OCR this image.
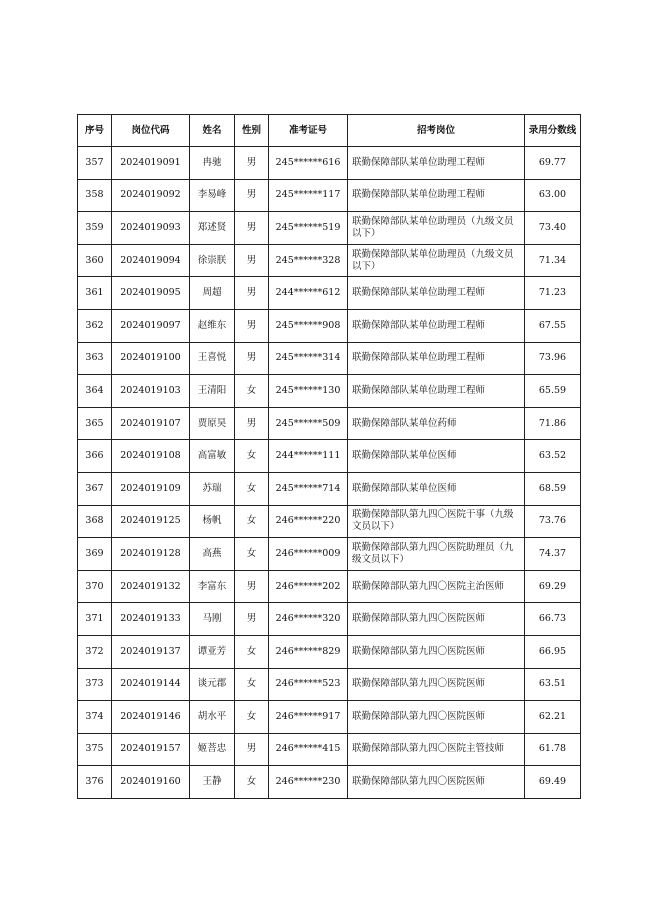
序号	岗位代码	姓名	性别	准考证号	招考岗位	录用分数线
357	2024019091	冉驰	男	245******616	联勤保障部队某单位助理工程师	69.77
358	2024019092	李易峰	男	245******117	联勤保障部队某单位助理工程师	63.00
359	2024019093	郑述贤	男	245******519	联勤保障部队某单位助理员（九级文员以下）	73.40
360	2024019094	徐崇朕	男	245******328	联勤保障部队某单位助理员（九级文员以下）	71.34
361	2024019095	周超	男	244******612	联勤保障部队某单位助理工程师	71.23
362	2024019097	赵维东	男	245******908	联勤保障部队某单位助理工程师	67.55
363	2024019100	王喜悦	男	245******314	联勤保障部队某单位助理工程师	73.96
364	2024019103	王清阳	女	245******130	联勤保障部队某单位助理工程师	65.59
365	2024019107	贾原昊	男	245******509	联勤保障部队某单位药师	71.86
366	2024019108	高富敏	女	244******111	联勤保障部队某单位医师	63.52
367	2024019109	苏瑞	女	245******714	联勤保障部队某单位医师	68.59
368	2024019125	杨帆	女	246******220	联勤保障部队第九四〇医院干事（九级文员以下）	73.76
369	2024019128	高燕	女	246******009	联勤保障部队第九四〇医院助理员（九级文员以下）	74.37
370	2024019132	李富东	男	246******202	联勤保障部队第九四〇医院主治医师	69.29
371	2024019133	马刚	男	246******320	联勤保障部队第九四〇医院医师	66.73
372	2024019137	谭亚芳	女	246******829	联勤保障部队第九四〇医院医师	66.95
373	2024019144	谈元郡	女	246******523	联勤保障部队第九四〇医院医师	63.51
374	2024019146	胡水平	女	246******917	联勤保障部队第九四〇医院医师	62.21
375	2024019157	姬菩忠	男	246******415	联勤保障部队第九四〇医院主管技师	61.78
376	2024019160	王静	女	246******230	联勤保障部队第九四〇医院医师	69.49
